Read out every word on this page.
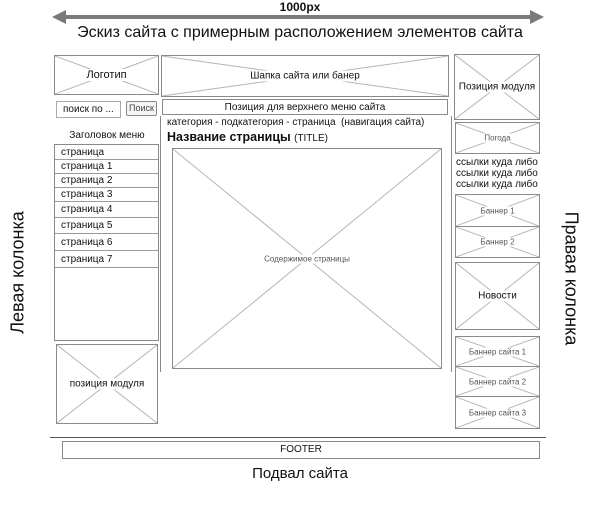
1000px
Эскиз сайта с примерным расположением элементов сайта
Левая колонка	Правая колонка
Логотип
поиск по ... Поиск
Заголовок меню
страница
страница 1
страница 2
страница 3
страница 4
страница 5
страница 6
страница 7
позиция модуля
Шапка сайта или банер
Позиция для верхнего меню сайта
категория - подкатегория - страница  (навигация сайта)
Название страницы (TITLE)
Содержимое страницы
Позиция модуля
Погода
ссылки куда либо
ссылки куда либо
ссылки куда либо
Баннер 1
Баннер 2
Новости
Баннер сайта 1
Баннер сайта 2
Баннер сайта 3
FOOTER
Подвал сайта
